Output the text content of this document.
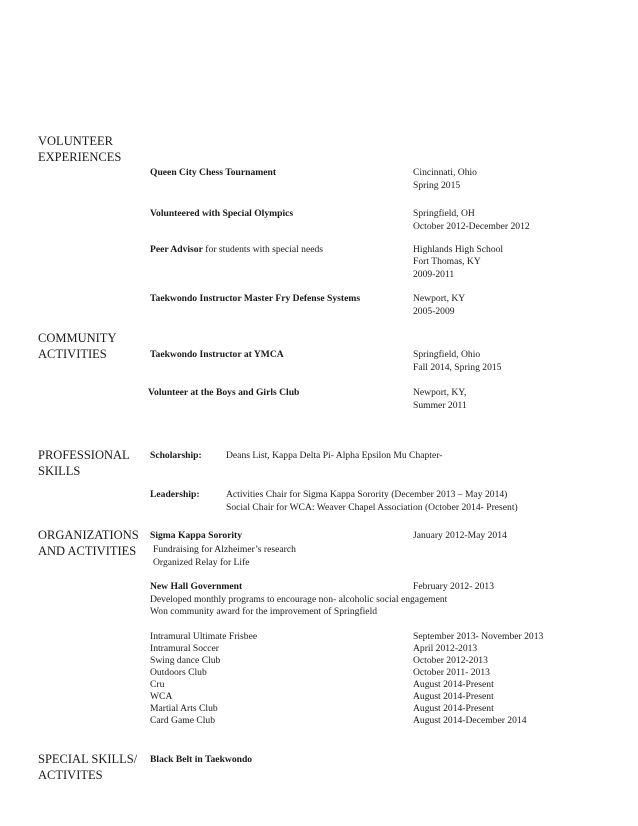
VOLUNTEER
EXPERIENCES
Queen City Chess Tournament	Cincinnati, Ohio
Spring 2015
Volunteered with Special Olympics	Springfield, OH
October 2012-December 2012
Peer Advisor for students with special needs	Highlands High School
Fort Thomas, KY
2009-2011
Taekwondo Instructor Master Fry Defense Systems	Newport, KY
2005-2009
COMMUNITY
ACTIVITIES	Taekwondo Instructor at YMCA	Springfield, Ohio
Fall 2014, Spring 2015
Volunteer at the Boys and Girls Club	Newport, KY,
Summer 2011
PROFESSIONAL
SKILLS
Scholarship:	Deans List, Kappa Delta Pi- Alpha Epsilon Mu Chapter-
Leadership:	Activities Chair for Sigma Kappa Sorority (December 2013 – May 2014)
Social Chair for WCA: Weaver Chapel Association (October 2014- Present)
ORGANIZATIONS
AND ACTIVITIES
Sigma Kappa Sorority	January 2012-May 2014
Fundraising for Alzheimer’s research
Organized Relay for Life
New Hall Government	February 2012- 2013
Developed monthly programs to encourage non- alcoholic social engagement
Won community award for the improvement of Springfield
Intramural Ultimate Frisbee	September 2013- November 2013
Intramural Soccer	April 2012-2013
Swing dance Club	October 2012-2013
Outdoors Club	October 2011- 2013
Cru	August 2014-Present
WCA	August 2014-Present
Martial Arts Club	August 2014-Present
Card Game Club	August 2014-December 2014
SPECIAL SKILLS/
ACTIVITES
Black Belt in Taekwondo
